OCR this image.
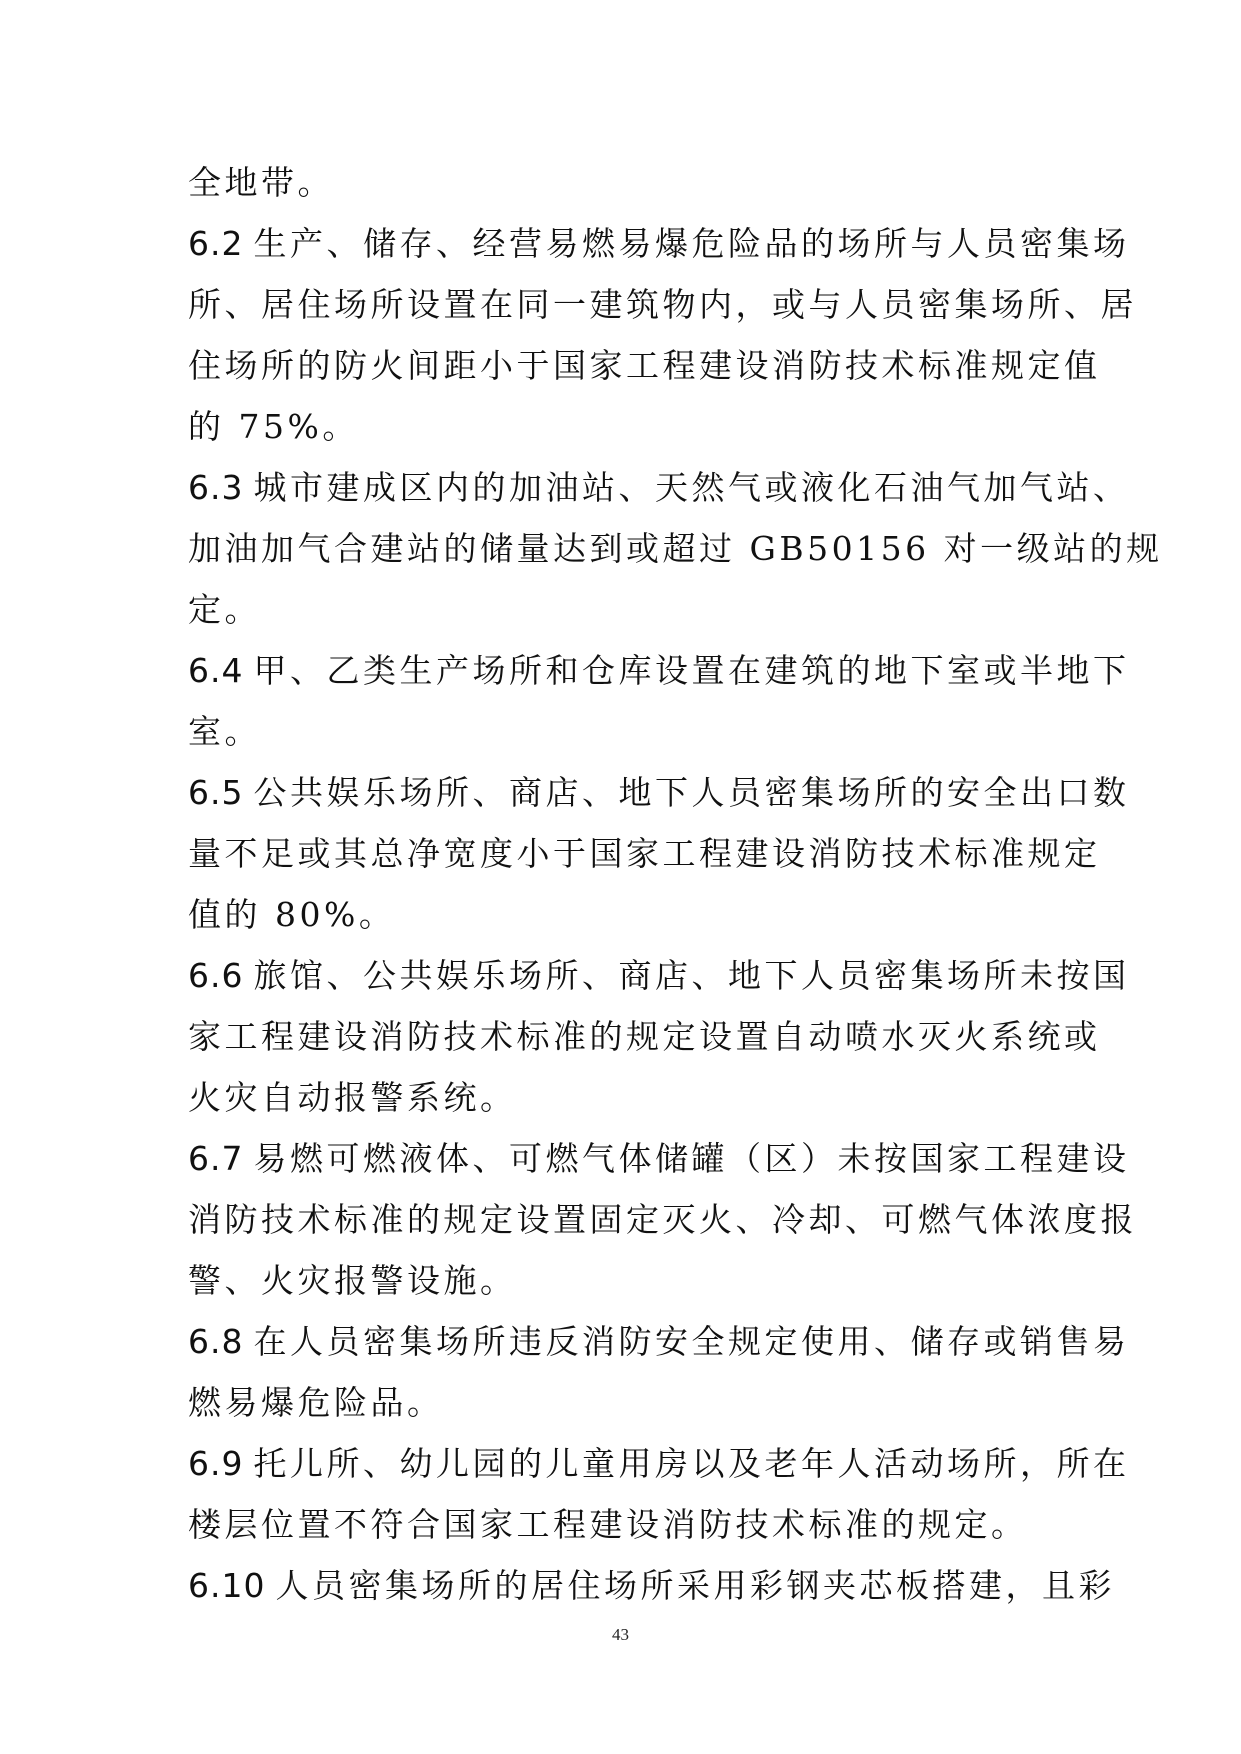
全地带。
6.2 生产、储存、经营易燃易爆危险品的场所与人员密集场
所、居住场所设置在同一建筑物内，或与人员密集场所、居
住场所的防火间距小于国家工程建设消防技术标准规定值
的 75%。
6.3 城市建成区内的加油站、天然气或液化石油气加气站、
加油加气合建站的储量达到或超过 GB50156 对一级站的规
定。
6.4 甲、乙类生产场所和仓库设置在建筑的地下室或半地下
室。
6.5 公共娱乐场所、商店、地下人员密集场所的安全出口数
量不足或其总净宽度小于国家工程建设消防技术标准规定
值的 80%。
6.6 旅馆、公共娱乐场所、商店、地下人员密集场所未按国
家工程建设消防技术标准的规定设置自动喷水灭火系统或
火灾自动报警系统。
6.7 易燃可燃液体、可燃气体储罐（区）未按国家工程建设
消防技术标准的规定设置固定灭火、冷却、可燃气体浓度报
警、火灾报警设施。
6.8 在人员密集场所违反消防安全规定使用、储存或销售易
燃易爆危险品。
6.9 托儿所、幼儿园的儿童用房以及老年人活动场所，所在
楼层位置不符合国家工程建设消防技术标准的规定。
6.10 人员密集场所的居住场所采用彩钢夹芯板搭建，且彩
43
